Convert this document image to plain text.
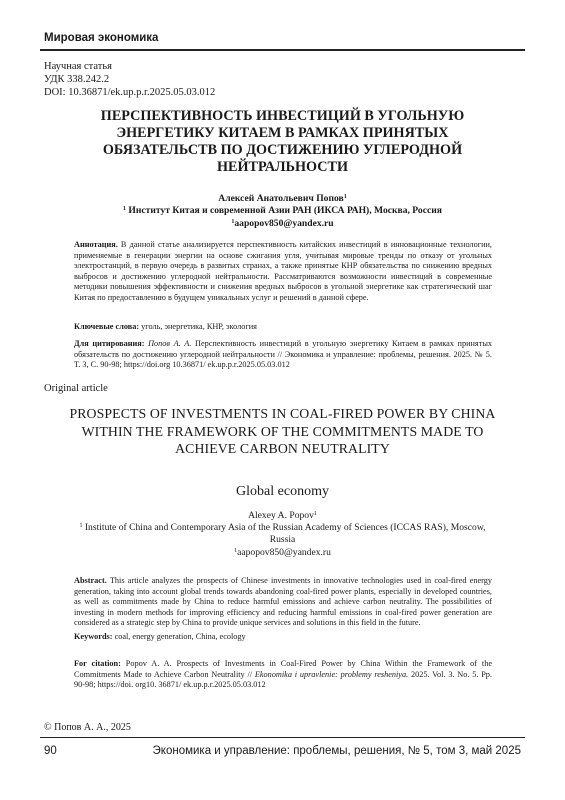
Мировая экономика
Научная статья
УДК 338.242.2
DOI: 10.36871/ek.up.p.r.2025.05.03.012
ПЕРСПЕКТИВНОСТЬ ИНВЕСТИЦИЙ В УГОЛЬНУЮ
ЭНЕРГЕТИКУ КИТАЕМ В РАМКАХ ПРИНЯТЫХ
ОБЯЗАТЕЛЬСТВ ПО ДОСТИЖЕНИЮ УГЛЕРОДНОЙ
НЕЙТРАЛЬНОСТИ
Алексей Анатольевич Попов$^1$
$^1$ Институт Китая и современной Азии РАН (ИКСА РАН), Москва, Россия
$^1$aapopov850@yandex.ru
Аннотация. В данной статье анализируется перспективность китайских инвестиций в инновационные технологии, применяемые в генерации энергии на основе сжигания угля, учитывая мировые тренды по отказу от угольных электростанций, в первую очередь в развитых странах, а также принятые КНР обязательства по снижению вредных выбросов и достижению углеродной нейтральности. Рассматриваются возможности инвестиций в современные методики повышения эффективности и снижения вредных выбросов в угольной энергетике как стратегический шаг Китая по предоставлению в будущем уникальных услуг и решений в данной сфере.
Ключевые слова: уголь, энергетика, КНР, экология
Для цитирования: Попов А. А. Перспективность инвестиций в угольную энергетику Китаем в рамках принятых обязательств по достижению углеродной нейтральности // Экономика и управление: проблемы, решения. 2025. № 5. Т. 3, С. 90-98; https://doi.org 10.36871/ ek.up.p.r.2025.05.03.012
Original article
PROSPECTS OF INVESTMENTS IN COAL-FIRED POWER BY CHINA
WITHIN THE FRAMEWORK OF THE COMMITMENTS MADE TO
ACHIEVE CARBON NEUTRALITY
Global economy
Alexey A. Popov$^1$
$^1$ Institute of China and Contemporary Asia of the Russian Academy of Sciences (ICCAS RAS), Moscow,
Russia
$^1$aapopov850@yandex.ru
Abstract. This article analyzes the prospects of Chinese investments in innovative technologies used in coal-fired energy generation, taking into account global trends towards abandoning coal-fired power plants, especially in developed countries, as well as commitments made by China to reduce harmful emissions and achieve carbon neutrality. The possibilities of investing in modern methods for improving efficiency and reducing harmful emissions in coal-fired power generation are considered as a strategic step by China to provide unique services and solutions in this field in the future.
Keywords: coal, energy generation, China, ecology
For citation: Popov A. A. Prospects of Investments in Coal-Fired Power by China Within the Framework of the Commitments Made to Achieve Carbon Neutrality // Ekonomika i upravlenie: problemy resheniya. 2025. Vol. 3. No. 5. Pp. 90-98; https://doi. org10. 36871/ ek.up.p.r.2025.05.03.012
© Попов А. А., 2025
90	Экономика и управление: проблемы, решения, № 5, том 3, май 2025
